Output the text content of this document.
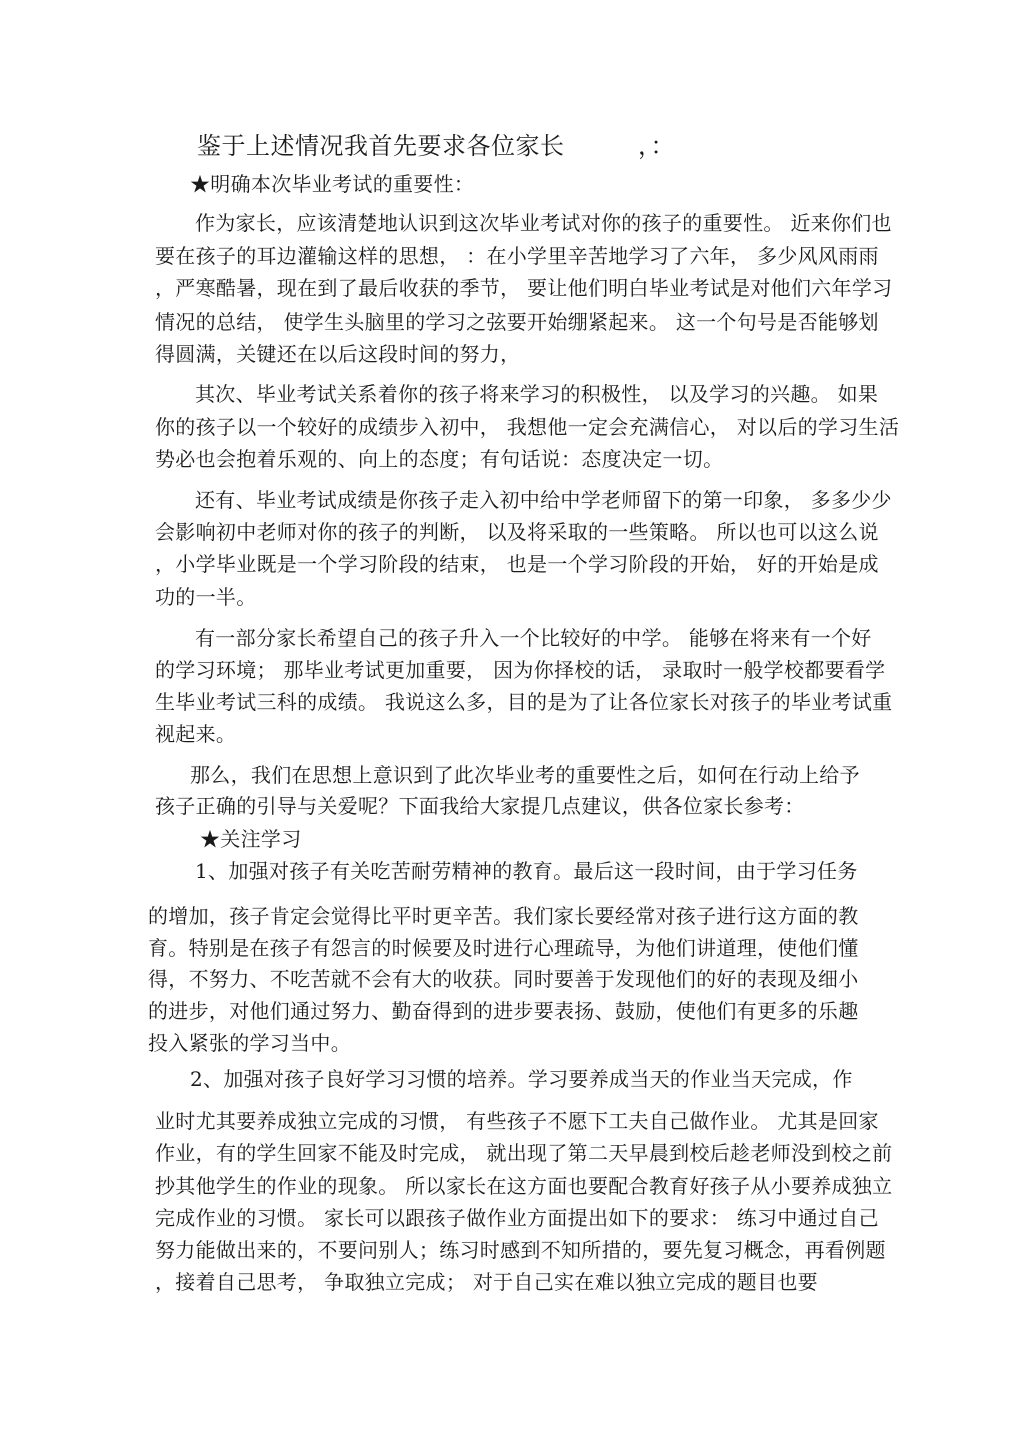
鉴于上述情况我首先要求各位家长　　　，：
★明确本次毕业考试的重要性：
作为家长，应该清楚地认识到这次毕业考试对你的孩子的重要性。 近来你们也
要在孩子的耳边灌输这样的思想， ：在小学里辛苦地学习了六年， 多少风风雨雨
，严寒酷暑，现在到了最后收获的季节， 要让他们明白毕业考试是对他们六年学习
情况的总结， 使学生头脑里的学习之弦要开始绷紧起来。 这一个句号是否能够划
得圆满，关键还在以后这段时间的努力，
其次、毕业考试关系着你的孩子将来学习的积极性， 以及学习的兴趣。 如果
你的孩子以一个较好的成绩步入初中， 我想他一定会充满信心， 对以后的学习生活
势必也会抱着乐观的、向上的态度；有句话说：态度决定一切。
还有、毕业考试成绩是你孩子走入初中给中学老师留下的第一印象， 多多少少
会影响初中老师对你的孩子的判断， 以及将采取的一些策略。 所以也可以这么说
，小学毕业既是一个学习阶段的结束， 也是一个学习阶段的开始， 好的开始是成
功的一半。
有一部分家长希望自己的孩子升入一个比较好的中学。 能够在将来有一个好
的学习环境； 那毕业考试更加重要， 因为你择校的话， 录取时一般学校都要看学
生毕业考试三科的成绩。 我说这么多，目的是为了让各位家长对孩子的毕业考试重
视起来。
那么，我们在思想上意识到了此次毕业考的重要性之后，如何在行动上给予
孩子正确的引导与关爱呢？下面我给大家提几点建议，供各位家长参考：
★关注学习
1、加强对孩子有关吃苦耐劳精神的教育。最后这一段时间，由于学习任务
的增加，孩子肯定会觉得比平时更辛苦。我们家长要经常对孩子进行这方面的教
育。特别是在孩子有怨言的时候要及时进行心理疏导，为他们讲道理，使他们懂
得，不努力、不吃苦就不会有大的收获。同时要善于发现他们的好的表现及细小
的进步，对他们通过努力、勤奋得到的进步要表扬、鼓励，使他们有更多的乐趣
投入紧张的学习当中。
2、加强对孩子良好学习习惯的培养。学习要养成当天的作业当天完成，作
业时尤其要养成独立完成的习惯， 有些孩子不愿下工夫自己做作业。 尤其是回家
作业，有的学生回家不能及时完成， 就出现了第二天早晨到校后趁老师没到校之前
抄其他学生的作业的现象。 所以家长在这方面也要配合教育好孩子从小要养成独立
完成作业的习惯。 家长可以跟孩子做作业方面提出如下的要求： 练习中通过自己
努力能做出来的，不要问别人；练习时感到不知所措的，要先复习概念，再看例题
，接着自己思考， 争取独立完成； 对于自己实在难以独立完成的题目也要
